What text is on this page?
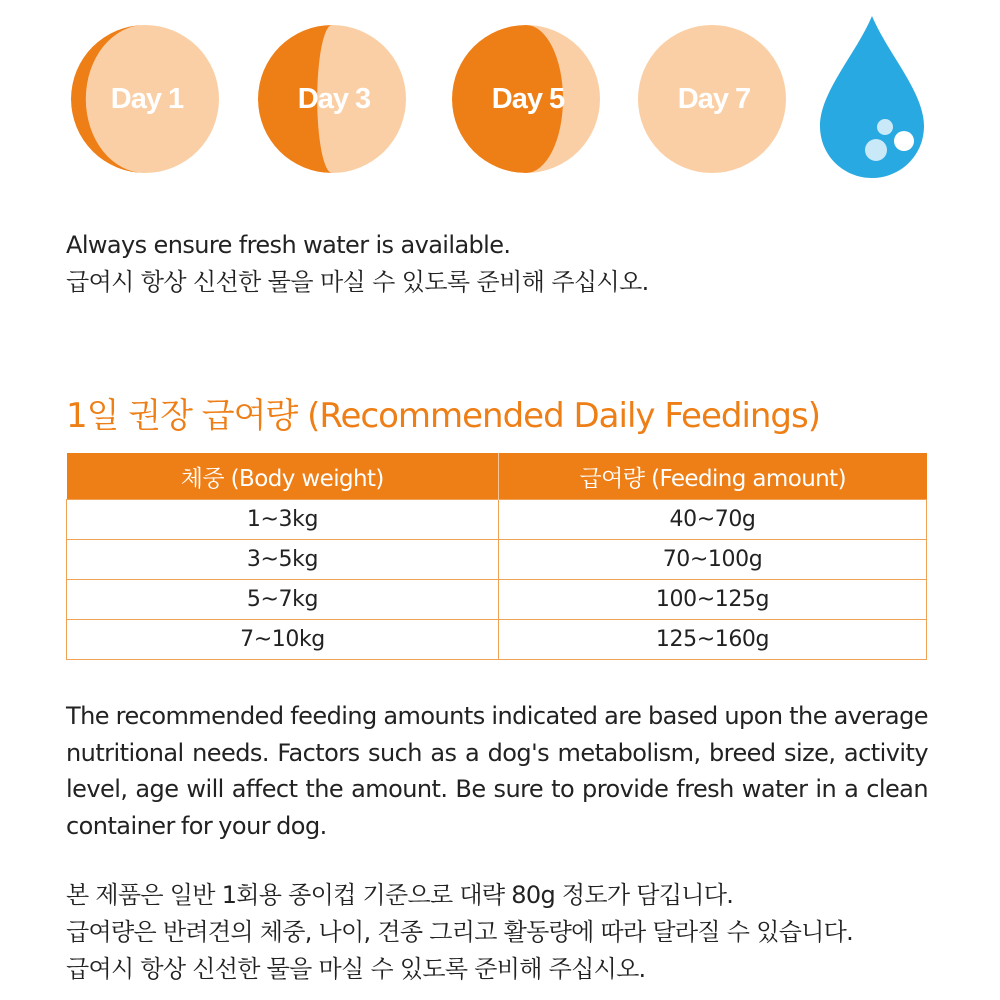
Day 1	Day 3	Day 5	Day 7
Always ensure fresh water is available.
급여시 항상 신선한 물을 마실 수 있도록 준비해 주십시오.
1일 권장 급여량 (Recommended Daily Feedings)
체중 (Body weight)	급여량 (Feeding amount)
1~3kg	40~70g
3~5kg	70~100g
5~7kg	100~125g
7~10kg	125~160g

The recommended feeding amounts indicated are based upon the average nutritional needs. Factors such as a dog's metabolism, breed size, activity level, age will affect the amount. Be sure to provide fresh water in a clean container for your dog.

본 제품은 일반 1회용 종이컵 기준으로 대략 80g 정도가 담깁니다.
급여량은 반려견의 체중, 나이, 견종 그리고 활동량에 따라 달라질 수 있습니다.
급여시 항상 신선한 물을 마실 수 있도록 준비해 주십시오.
